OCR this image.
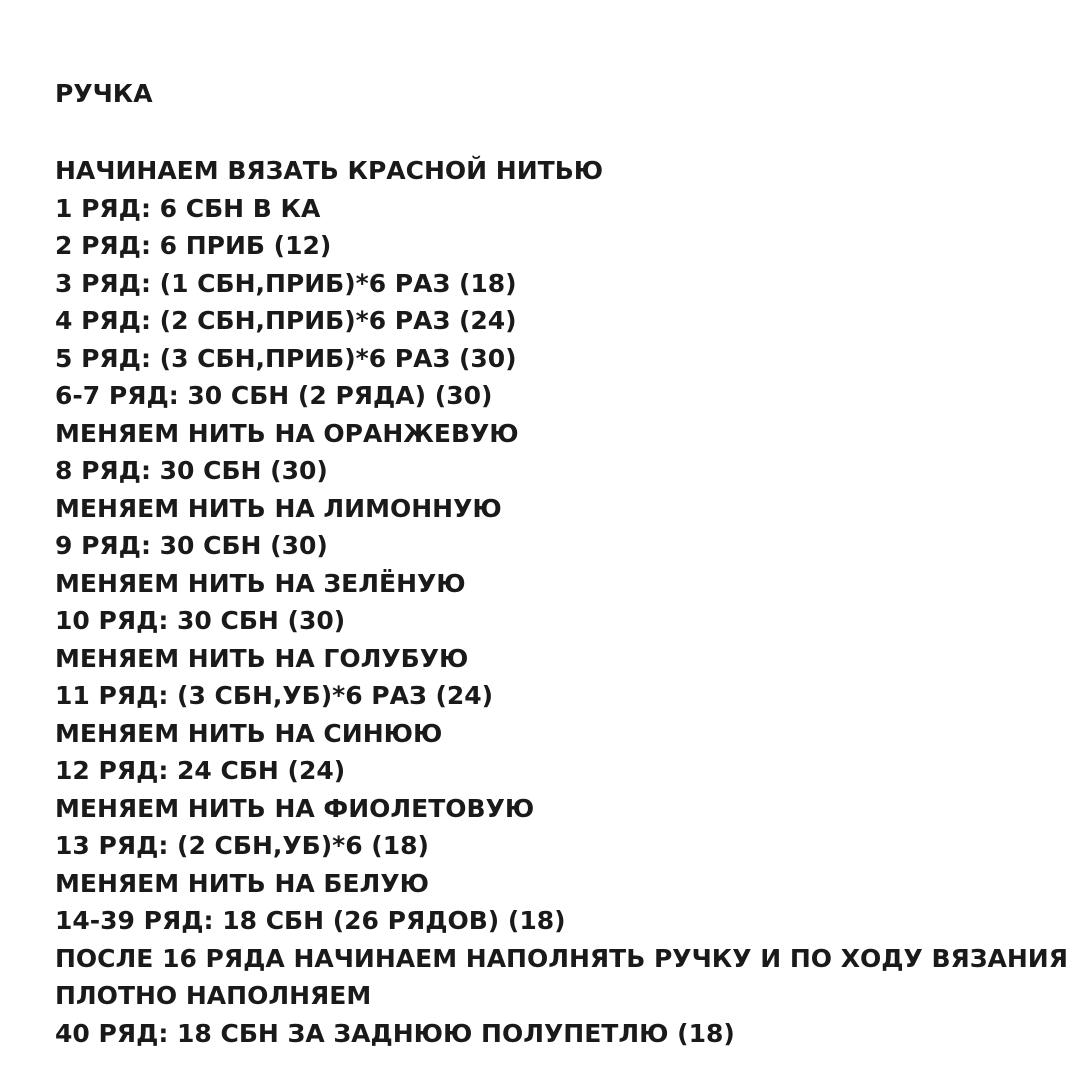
РУЧКА
НАЧИНАЕМ ВЯЗАТЬ КРАСНОЙ НИТЬЮ
1 РЯД: 6 СБН В КА
2 РЯД: 6 ПРИБ (12)
3 РЯД: (1 СБН,ПРИБ)*6 РАЗ (18)
4 РЯД: (2 СБН,ПРИБ)*6 РАЗ (24)
5 РЯД: (3 СБН,ПРИБ)*6 РАЗ (30)
6-7 РЯД: 30 СБН (2 РЯДА) (30)
МЕНЯЕМ НИТЬ НА ОРАНЖЕВУЮ
8 РЯД: 30 СБН (30)
МЕНЯЕМ НИТЬ НА ЛИМОННУЮ
9 РЯД: 30 СБН (30)
МЕНЯЕМ НИТЬ НА ЗЕЛЁНУЮ
10 РЯД: 30 СБН (30)
МЕНЯЕМ НИТЬ НА ГОЛУБУЮ
11 РЯД: (3 СБН,УБ)*6 РАЗ (24)
МЕНЯЕМ НИТЬ НА СИНЮЮ
12 РЯД: 24 СБН (24)
МЕНЯЕМ НИТЬ НА ФИОЛЕТОВУЮ
13 РЯД: (2 СБН,УБ)*6 (18)
МЕНЯЕМ НИТЬ НА БЕЛУЮ
14-39 РЯД: 18 СБН (26 РЯДОВ) (18)
ПОСЛЕ 16 РЯДА НАЧИНАЕМ НАПОЛНЯТЬ РУЧКУ И ПО ХОДУ ВЯЗАНИЯ
ПЛОТНО НАПОЛНЯЕМ
40 РЯД: 18 СБН ЗА ЗАДНЮЮ ПОЛУПЕТЛЮ (18)
